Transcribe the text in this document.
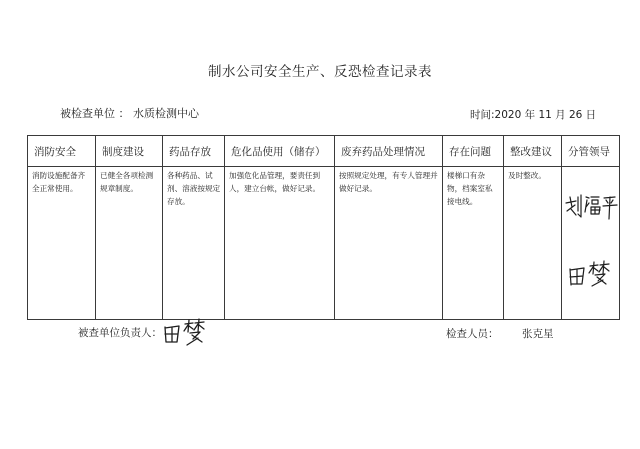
制水公司安全生产、反恐检查记录表
被检查单位 ： 水质检测中心	时间:2020 年 11 月 26 日
消防安全	制度建设	药品存放	危化品使用（储存）	废弃药品处理情况	存在问题	整改建议	分管领导
消防设施配备齐全正常使用。	已健全各项检测规章制度。	各种药品、试剂、溶液按规定存放。	加强危化品管理，要责任到人，建立台帐，做好记录。	按照规定处理，有专人管理并做好记录。	楼梯口有杂物，档案室私接电线。	及时整改。	
被查单位负责人：	检查人员： 张克星
